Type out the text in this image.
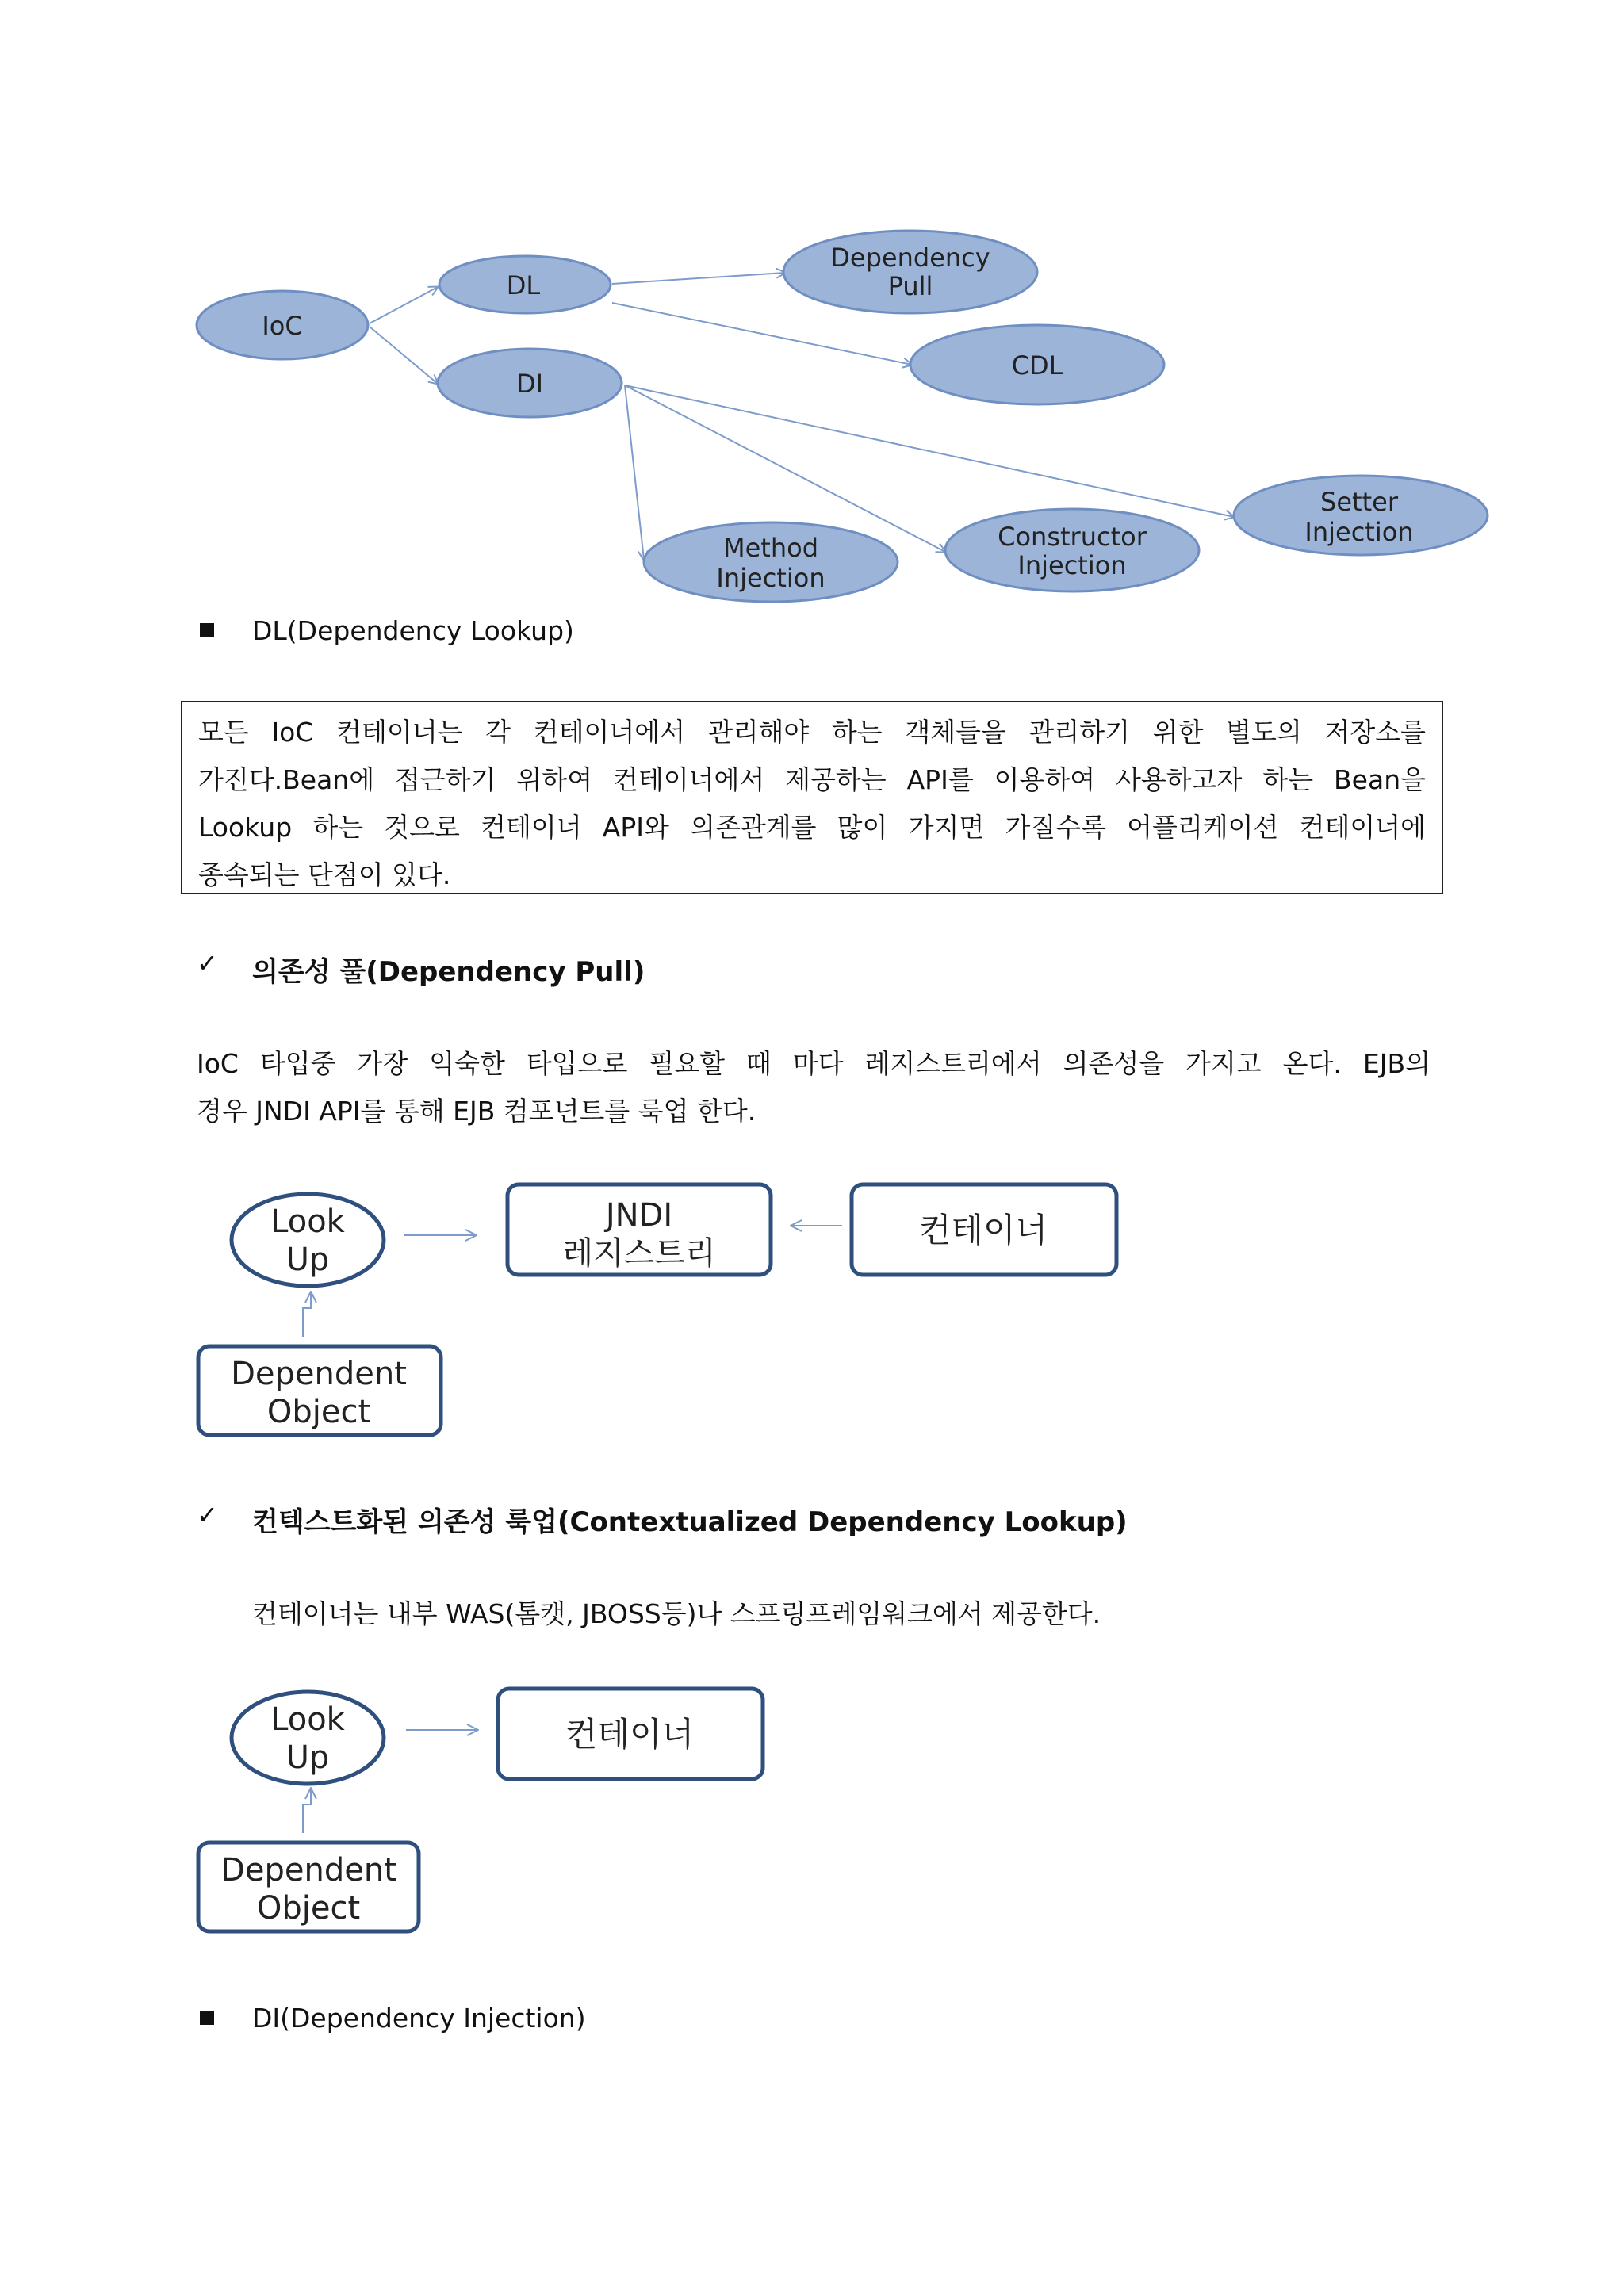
IoC
DL
DI
Dependency
Pull
CDL
Setter
Injection
Method
Injection
Constructor
Injection
DL(Dependency Lookup)
모든 IoC 컨테이너는 각 컨테이너에서 관리해야 하는 객체들을 관리하기 위한 별도의 저장소를
가진다.Bean에 접근하기 위하여 컨테이너에서 제공하는 API를 이용하여 사용하고자 하는 Bean을
Lookup 하는 것으로 컨테이너 API와 의존관계를 많이 가지면 가질수록 어플리케이션 컨테이너에
종속되는 단점이 있다.
✓ 의존성 풀(Dependency Pull)
IoC 타입중 가장 익숙한 타입으로 필요할 때 마다 레지스트리에서 의존성을 가지고 온다. EJB의
경우 JNDI API를 통해 EJB 컴포넌트를 룩업 한다.
Look
Up
JNDI
레지스트리
컨테이너
Dependent
Object
✓ 컨텍스트화된 의존성 룩업(Contextualized Dependency Lookup)
컨테이너는 내부 WAS(톰캣, JBOSS등)나 스프링프레임워크에서 제공한다.
Look
Up
컨테이너
Dependent
Object
DI(Dependency Injection)
